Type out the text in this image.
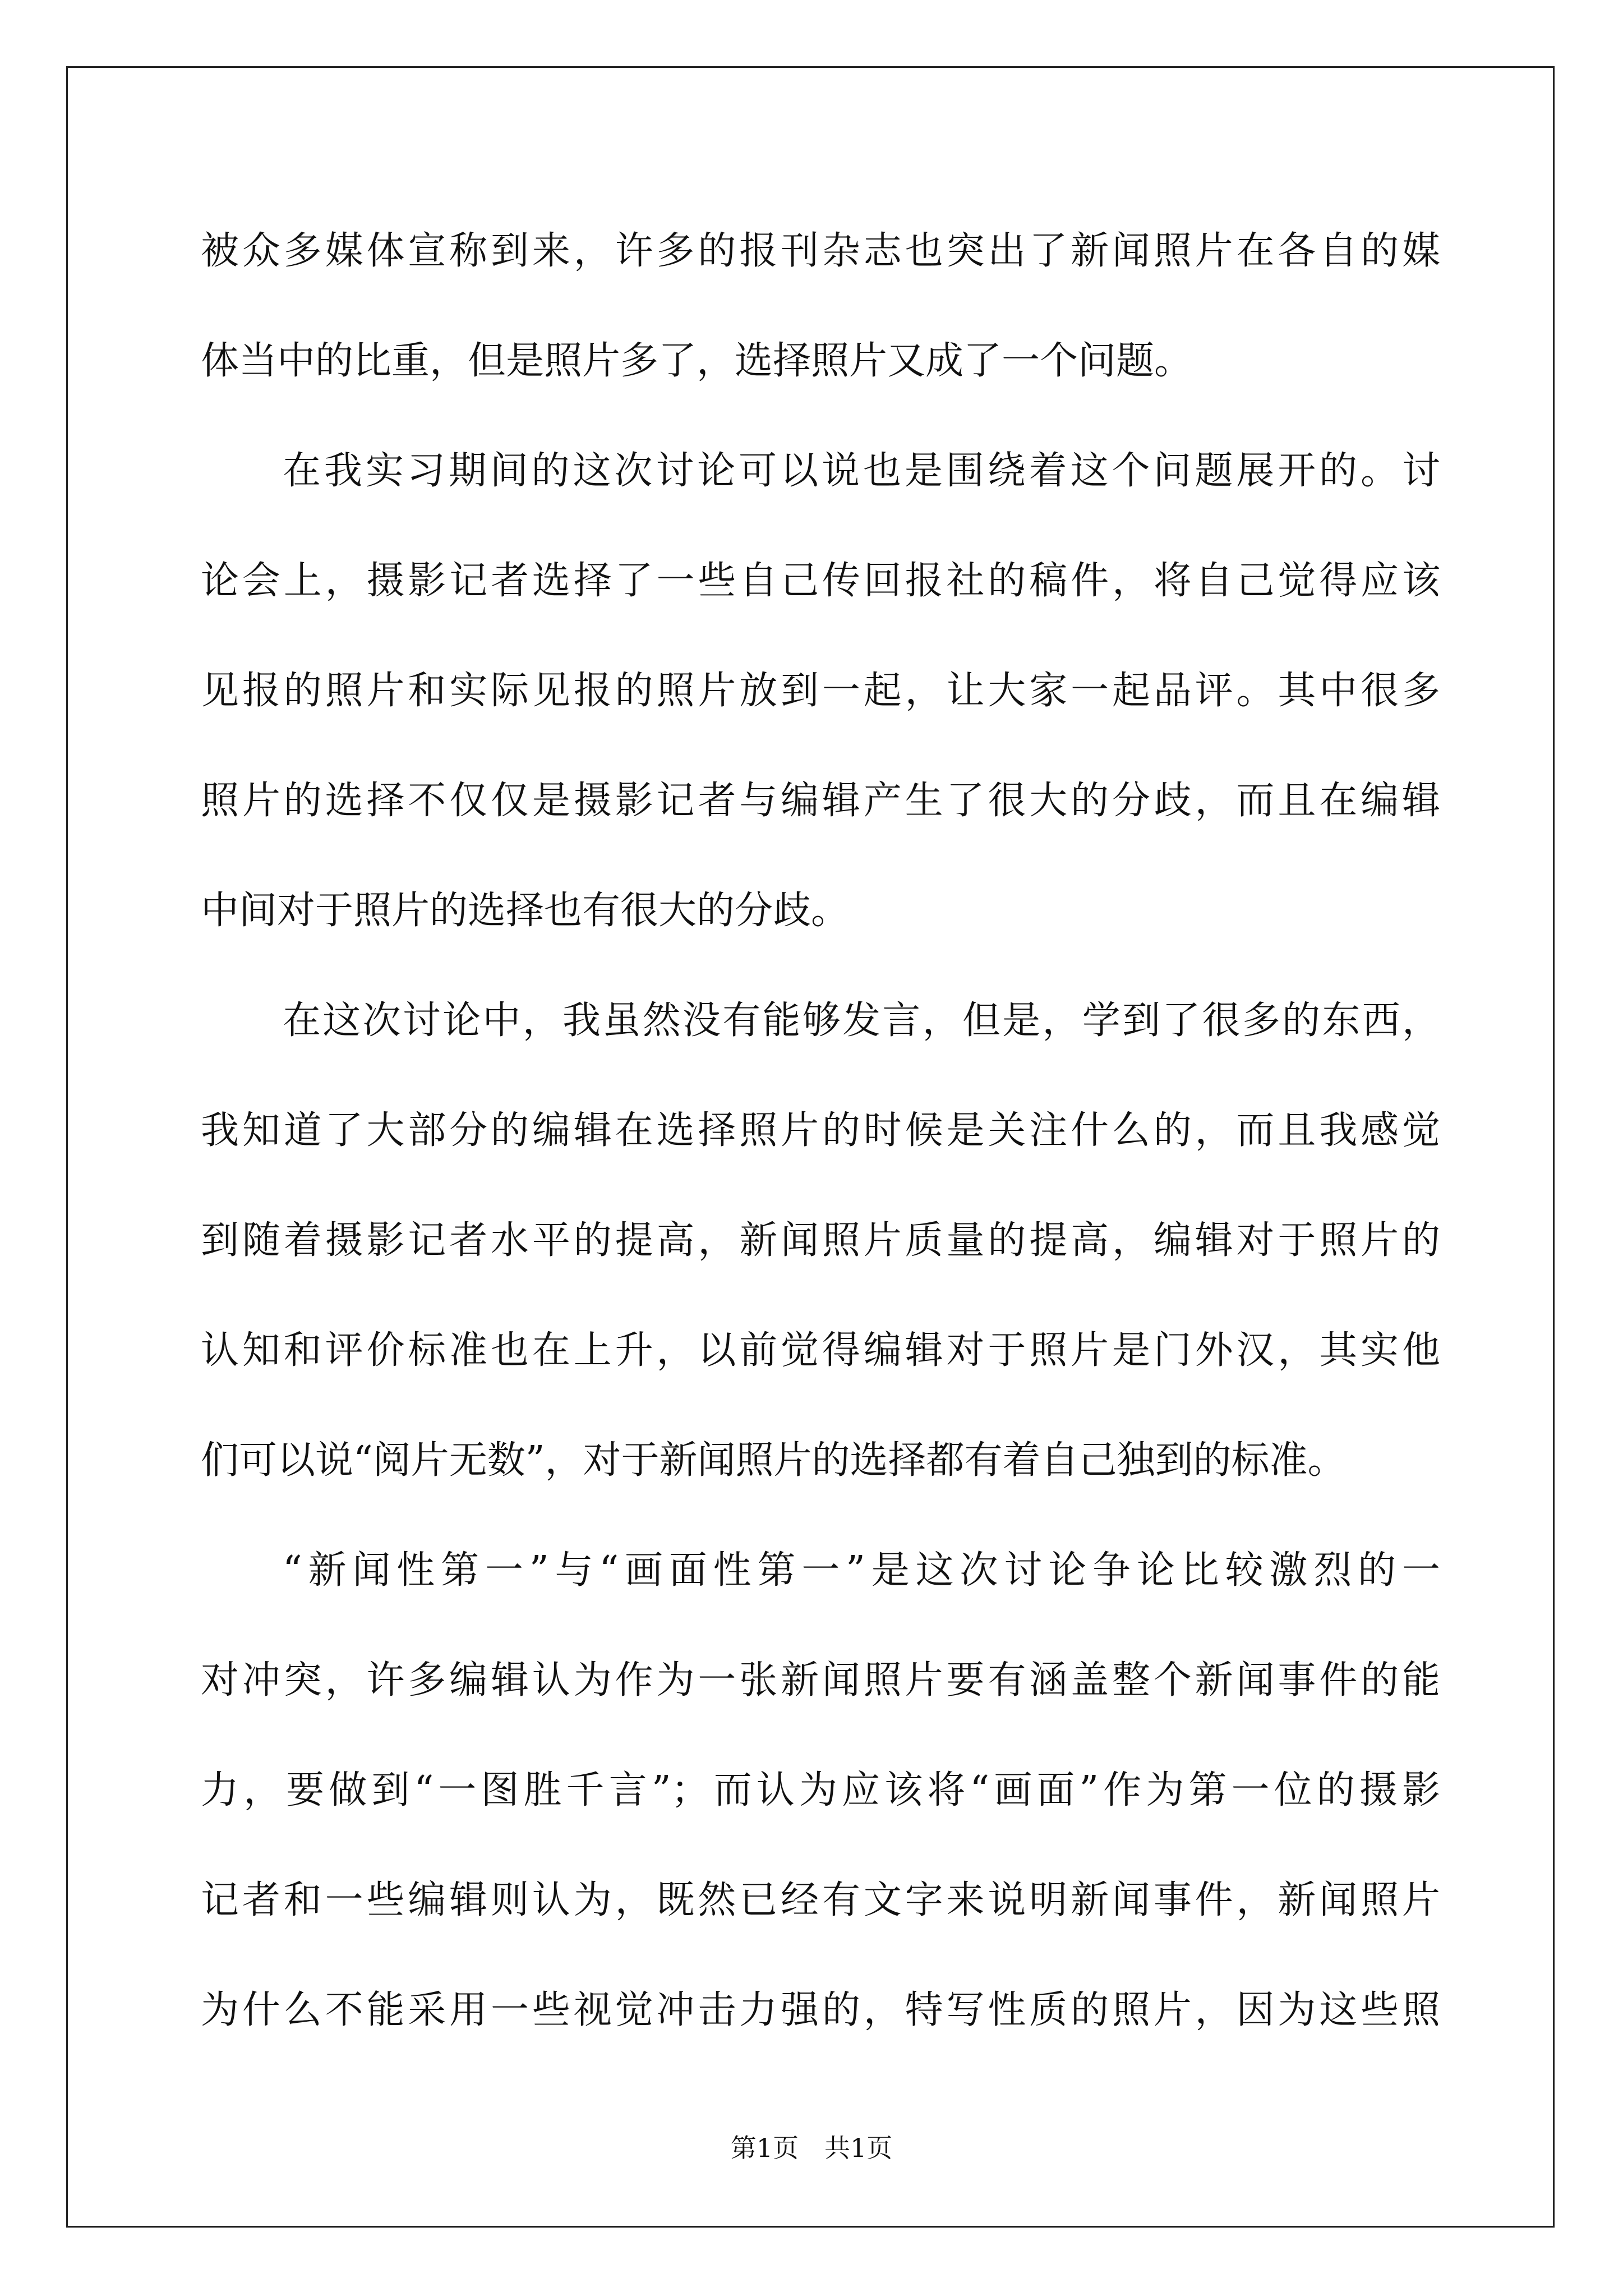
被众多媒体宣称到来，许多的报刊杂志也突出了新闻照片在各自的媒
体当中的比重，但是照片多了，选择照片又成了一个问题。
在我实习期间的这次讨论可以说也是围绕着这个问题展开的。讨
论会上，摄影记者选择了一些自己传回报社的稿件，将自己觉得应该
见报的照片和实际见报的照片放到一起，让大家一起品评。其中很多
照片的选择不仅仅是摄影记者与编辑产生了很大的分歧，而且在编辑
中间对于照片的选择也有很大的分歧。
在这次讨论中，我虽然没有能够发言，但是，学到了很多的东西，
我知道了大部分的编辑在选择照片的时候是关注什么的，而且我感觉
到随着摄影记者水平的提高，新闻照片质量的提高，编辑对于照片的
认知和评价标准也在上升，以前觉得编辑对于照片是门外汉，其实他
们可以说“阅片无数”，对于新闻照片的选择都有着自己独到的标准。
“新闻性第一”与“画面性第一”是这次讨论争论比较激烈的一
对冲突，许多编辑认为作为一张新闻照片要有涵盖整个新闻事件的能
力，要做到“一图胜千言”；而认为应该将“画面”作为第一位的摄影
记者和一些编辑则认为，既然已经有文字来说明新闻事件，新闻照片
为什么不能采用一些视觉冲击力强的，特写性质的照片，因为这些照
第1页　共1页
